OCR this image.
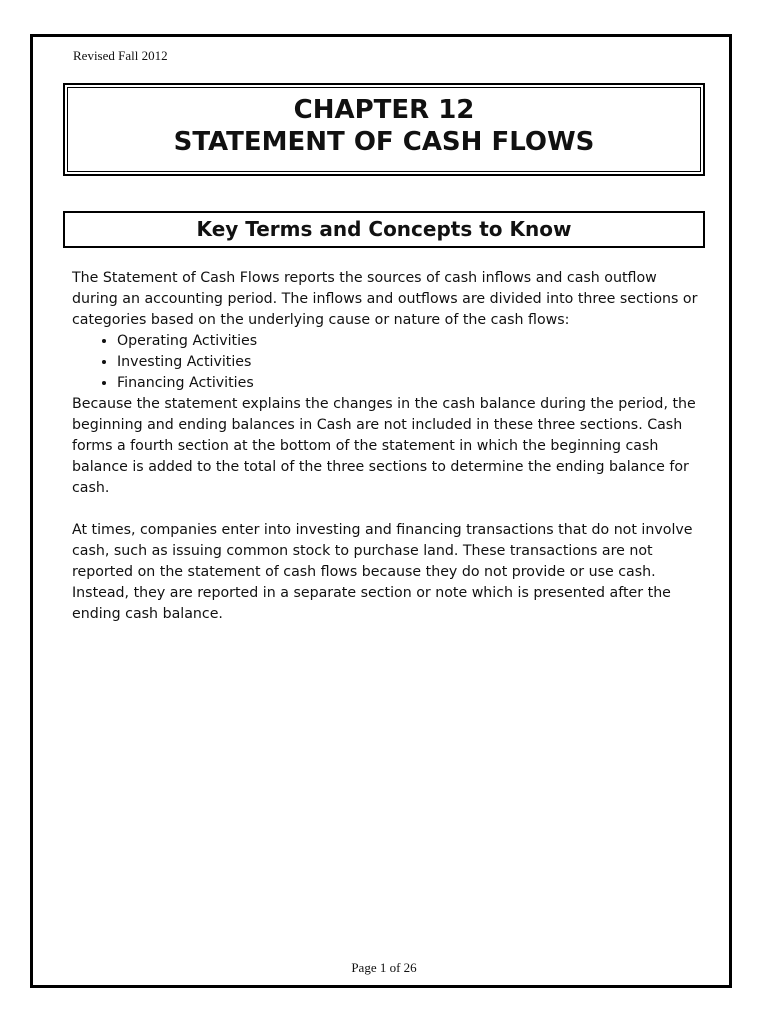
Revised Fall 2012
CHAPTER 12
STATEMENT OF CASH FLOWS
Key Terms and Concepts to Know

The Statement of Cash Flows reports the sources of cash inflows and cash outflow during an accounting period. The inflows and outflows are divided into three sections or categories based on the underlying cause or nature of the cash flows:

• Operating Activities
• Investing Activities
• Financing Activities

Because the statement explains the changes in the cash balance during the period, the beginning and ending balances in Cash are not included in these three sections. Cash forms a fourth section at the bottom of the statement in which the beginning cash balance is added to the total of the three sections to determine the ending balance for cash.

At times, companies enter into investing and financing transactions that do not involve cash, such as issuing common stock to purchase land. These transactions are not reported on the statement of cash flows because they do not provide or use cash. Instead, they are reported in a separate section or note which is presented after the ending cash balance.

Page 1 of 26
